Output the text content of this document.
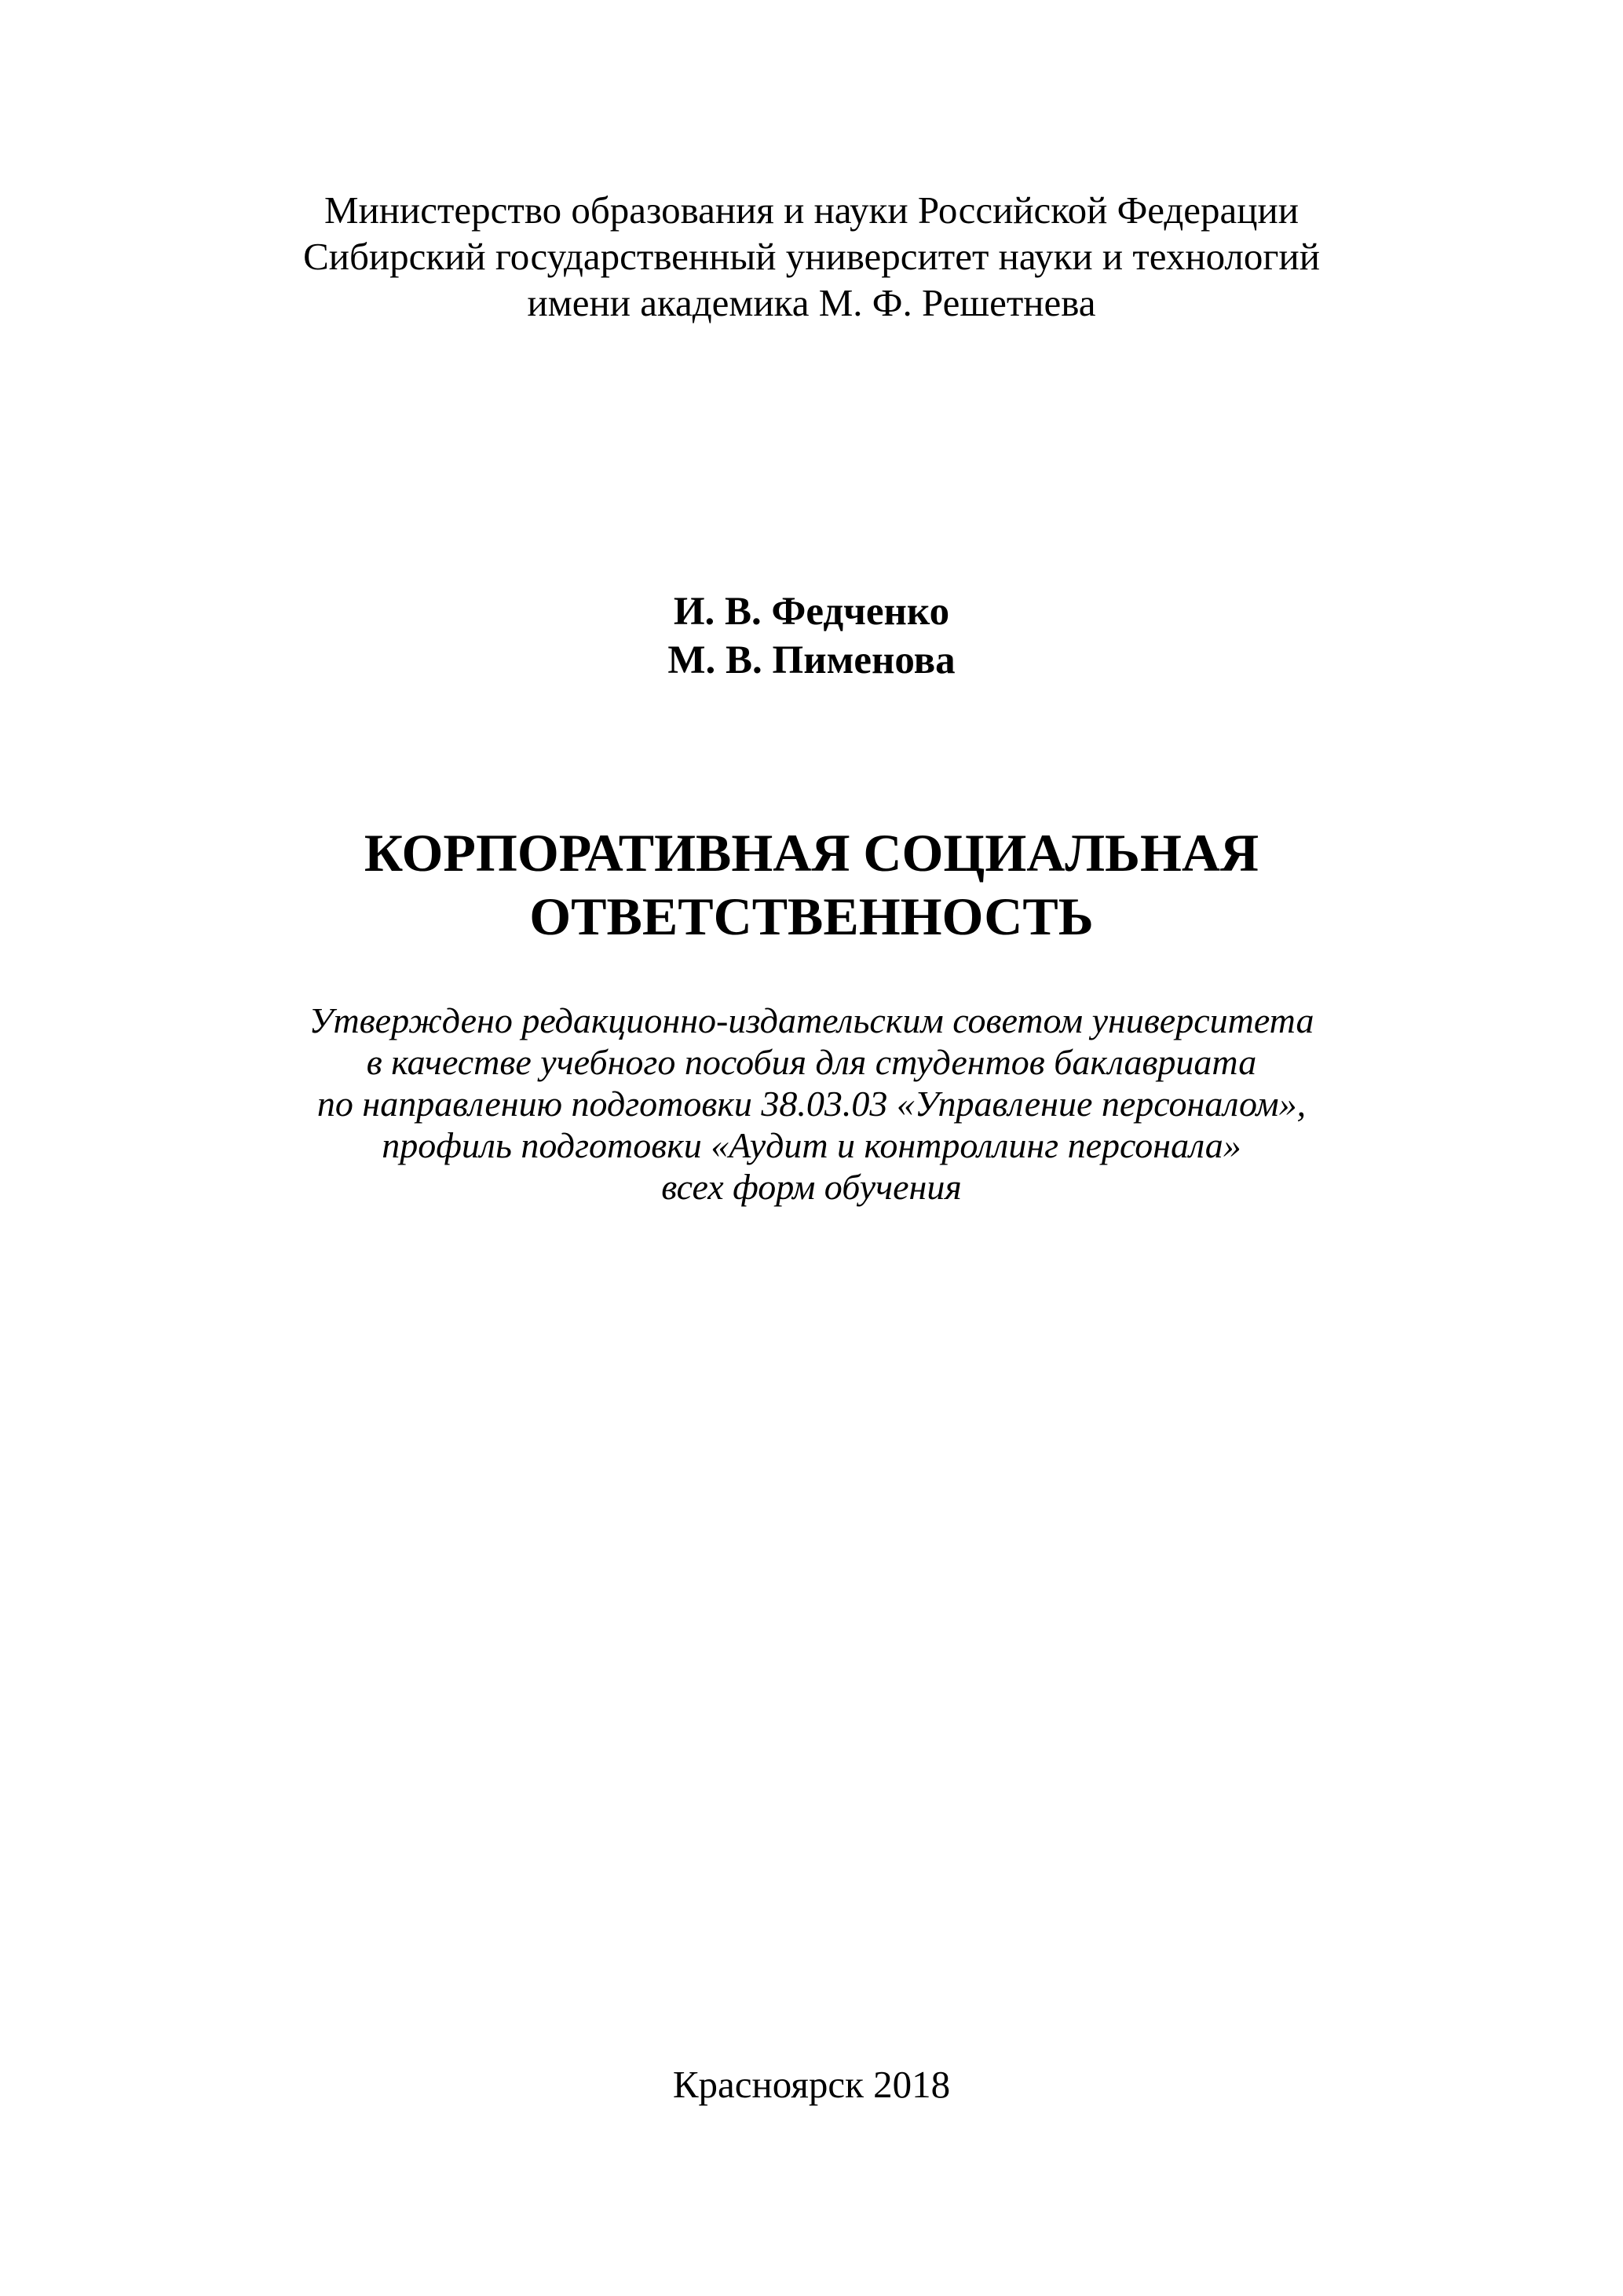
Министерство образования и науки Российской Федерации
Сибирский государственный университет науки и технологий
имени академика М. Ф. Решетнева
И. В. Федченко
М. В. Пименова
КОРПОРАТИВНАЯ СОЦИАЛЬНАЯ
ОТВЕТСТВЕННОСТЬ
Утверждено редакционно-издательским советом университета
в качестве учебного пособия для студентов баклавриата
по направлению подготовки 38.03.03 «Управление персоналом»,
профиль подготовки «Аудит и контроллинг персонала»
всех форм обучения
Красноярск 2018
